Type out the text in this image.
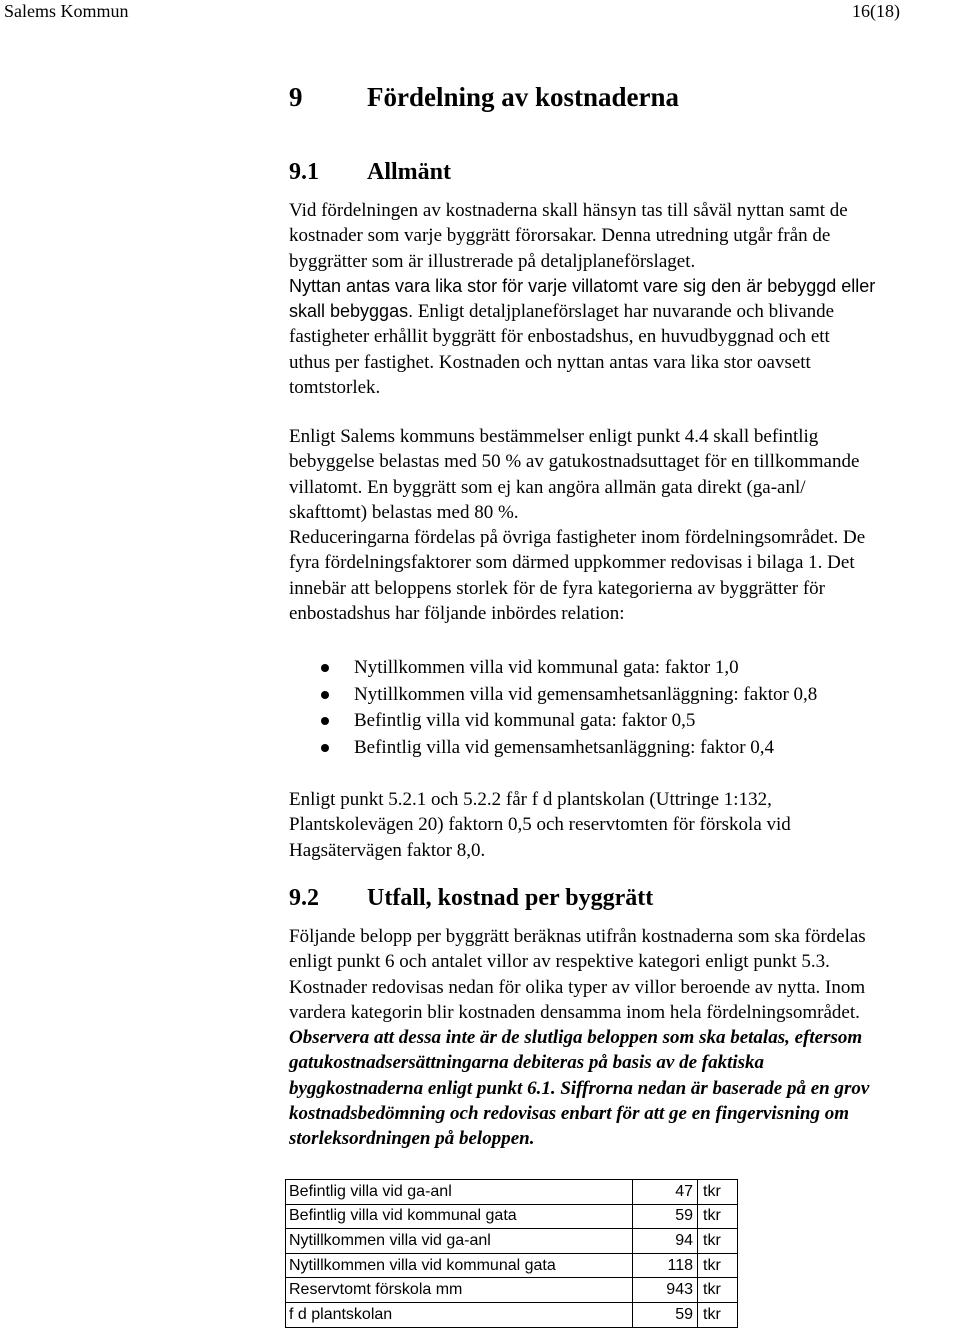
Salems Kommun	16(18)
9 Fördelning av kostnaderna
9.1 Allmänt
Vid fördelningen av kostnaderna skall hänsyn tas till såväl nyttan samt de
kostnader som varje byggrätt förorsakar. Denna utredning utgår från de
byggrätter som är illustrerade på detaljplaneförslaget.
Nyttan antas vara lika stor för varje villatomt vare sig den är bebyggd eller
skall bebyggas. Enligt detaljplaneförslaget har nuvarande och blivande
fastigheter erhållit byggrätt för enbostadshus, en huvudbyggnad och ett
uthus per fastighet. Kostnaden och nyttan antas vara lika stor oavsett
tomtstorlek.
Enligt Salems kommuns bestämmelser enligt punkt 4.4 skall befintlig
bebyggelse belastas med 50 % av gatukostnadsuttaget för en tillkommande
villatomt. En byggrätt som ej kan angöra allmän gata direkt (ga-anl/
skafttomt) belastas med 80 %.
Reduceringarna fördelas på övriga fastigheter inom fördelningsområdet. De
fyra fördelningsfaktorer som därmed uppkommer redovisas i bilaga 1. Det
innebär att beloppens storlek för de fyra kategorierna av byggrätter för
enbostadshus har följande inbördes relation:
Nytillkommen villa vid kommunal gata: faktor 1,0
Nytillkommen villa vid gemensamhetsanläggning: faktor 0,8
Befintlig villa vid kommunal gata: faktor 0,5
Befintlig villa vid gemensamhetsanläggning: faktor 0,4
Enligt punkt 5.2.1 och 5.2.2 får f d plantskolan (Uttringe 1:132,
Plantskolevägen 20) faktorn 0,5 och reservtomten för förskola vid
Hagsätervägen faktor 8,0.
9.2 Utfall, kostnad per byggrätt
Följande belopp per byggrätt beräknas utifrån kostnaderna som ska fördelas
enligt punkt 6 och antalet villor av respektive kategori enligt punkt 5.3.
Kostnader redovisas nedan för olika typer av villor beroende av nytta. Inom
vardera kategorin blir kostnaden densamma inom hela fördelningsområdet.
Observera att dessa inte är de slutliga beloppen som ska betalas, eftersom
gatukostnadsersättningarna debiteras på basis av de faktiska
byggkostnaderna enligt punkt 6.1. Siffrorna nedan är baserade på en grov
kostnadsbedömning och redovisas enbart för att ge en fingervisning om
storleksordningen på beloppen.
Befintlig villa vid ga-anl	47	tkr
Befintlig villa vid kommunal gata	59	tkr
Nytillkommen villa vid ga-anl	94	tkr
Nytillkommen villa vid kommunal gata	118	tkr
Reservtomt förskola mm	943	tkr
f d plantskolan	59	tkr
